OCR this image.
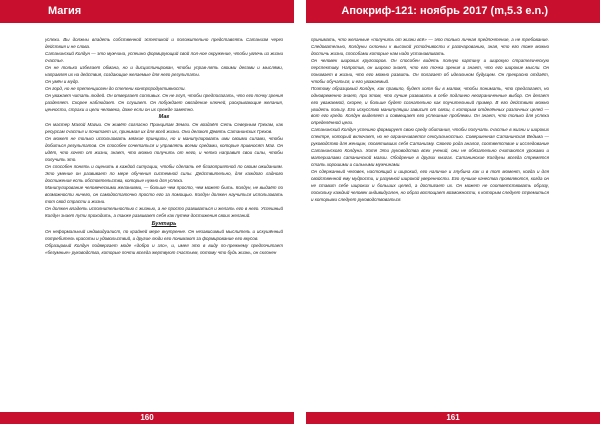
Магия	Апокриф-121: ноябрь 2017 (m,5.3 e.n.)

успехи. Вы должны владеть собственной эстетикой и положительно представлять Сатанизм через действия и не слова.

Сатанинский Колдун — это мужчина, успешно формирующий свой пол-ное окружение, чтобы увлечь из жизни счастье.

Он не только избегает обмана, но и дисциплинирован, чтобы управ-лять своими делами и мыслями, направляя их на действия, создающие желаемые для него результаты.

Он умён и мудр.

Он горд, но не претенциозен до степени контрпродуктивности.

Он уважает читать людей. Он отвергает сопливых. Он не глуп, чтобы предполагать, что его точку зрения разделяет. Скорее наблюдает. Он слушает. Он побуждает овладение ключей, раскрывающие желания, ценности, страхи и цели человека, даже если он их прежде заметно.

Маг

Он мастер Малой Магии. Он живёт согласно Принципам Земли. Он воздаёт Сеть Северным Грехам, как ресурсам счастья и почитает их, принимая их для всей жизни. Они делают Девять Сатанинских Грехов.

Он может не только использовать мягкие принципы, но и манипулировать ими своими силами, чтобы добиться результатов. Он способен сочетаться и управлять всеми средами, которые привносят Маг. Он идёт, что хочет от жизни, знает, что можно получить от него, и четко направит свои силы, чтобы получить это.

Он способен понять и оценить в каждой ситуации, чтобы сделать её благоприятной по своим ожиданиям. Это умение он развивает по мере обучения системной силы. Действительно, для каждого ладного достижения есть обстоятельства, которые нужно для успеха.

Манипулирование человеческими желаниями, — больше чем просто, чем может быть. Колдун, не выдаёт по возможности ничего, он самодостаточно просто его за помощью. Колдун должен научиться использовать тот свой страсти и жизни.

Он должен владеть исполнительностью с жизнью, а не просто развиваться и желать его в него. Успешный Колдун знает пути проходить, а также развивает себя как путем достижения своих желаний.

Бунтарь

Он неформальный индивидуалист, по крайней мере внутренне. Он независимый мыслитель и искушённый потребитель красоты и удовольствий, и другие люди его понимают за формирование его вкусов.

Образцовый Колдун подвергает моде «добро и зло», и, имея это в виду по-прежнему предпочитает «безумные» руководства, которые почти всегда жертвуют счастьем, потому что будь жизнь, он склонен

принимать, что желанные «получить от жизни всё» — это только личная предпочтение, а не требование. Следовательно, Колдуны склонны к высокой устойчивости к разочарованию, зная, что его тоже можно достичь жизни, способами которые нам надо устанавливать.

Он человек широких кругозоров. Он способен видеть полную картину и широкую стратегическую перспективу. Напротив, он широко знает, что его точка зрения и знает, что его широкие мысли. Он понимает в жизни, что его можно развить. Он полагает об идеальном будущем. Он прекрасно отдаёт, чтобы обучаться, и его уважаемый.

Поэтому образцовый Колдун, как правило, будет хотя бы в малом, чтобы понимать, что предлагает, но одновременно знает, при этом, что лучше развивать в себе подлинно неограниченные выбор. Он делает его уважаемой, скорее, и больше будет сознательно как поучительный пример. В его действиях можно увидеть пользу. Его искусство манипуляции зависит от связи, с которым отделённых различных целей — вот его кредо. Колдун выделяет и совмещает его успешные проблемы. Он знает, что только для успеха определённой цели.

Сатанинский Колдун успешно формирует свою среду обитания, чтобы получать счастье в жизни и широких спектре, который включает, но не ограничивается сексуальностью. Совершенная Сатанинская Ведьма — руководство для женщин, посвятивших себя Сатанизму. Своего рода аналог, соответствие и исследование Сатанинского Колдуна. Хотя Эти руководства всех учений, они не обязательно считаются уроками и материалами сатанинской магии. Ободрение в других книгах. Сатанинские Колдуны всегда стремятся стать хорошими и сильными мужчинами.

Он сдержанный человек, настоящий и широкий, его наличие и глубина как и в тот момент, когда и для свойственной ему мудрости, и разумной широкой уверенности. Его лучшие качества проявляются, когда он не ставит себе широких и больших целей, а достигает их. Он может не соответствовать образу, поскольку каждый человек индивидуален, но образ воплощает возможности, к которым следует стремиться и которыми следует руководствоваться.

160	161
